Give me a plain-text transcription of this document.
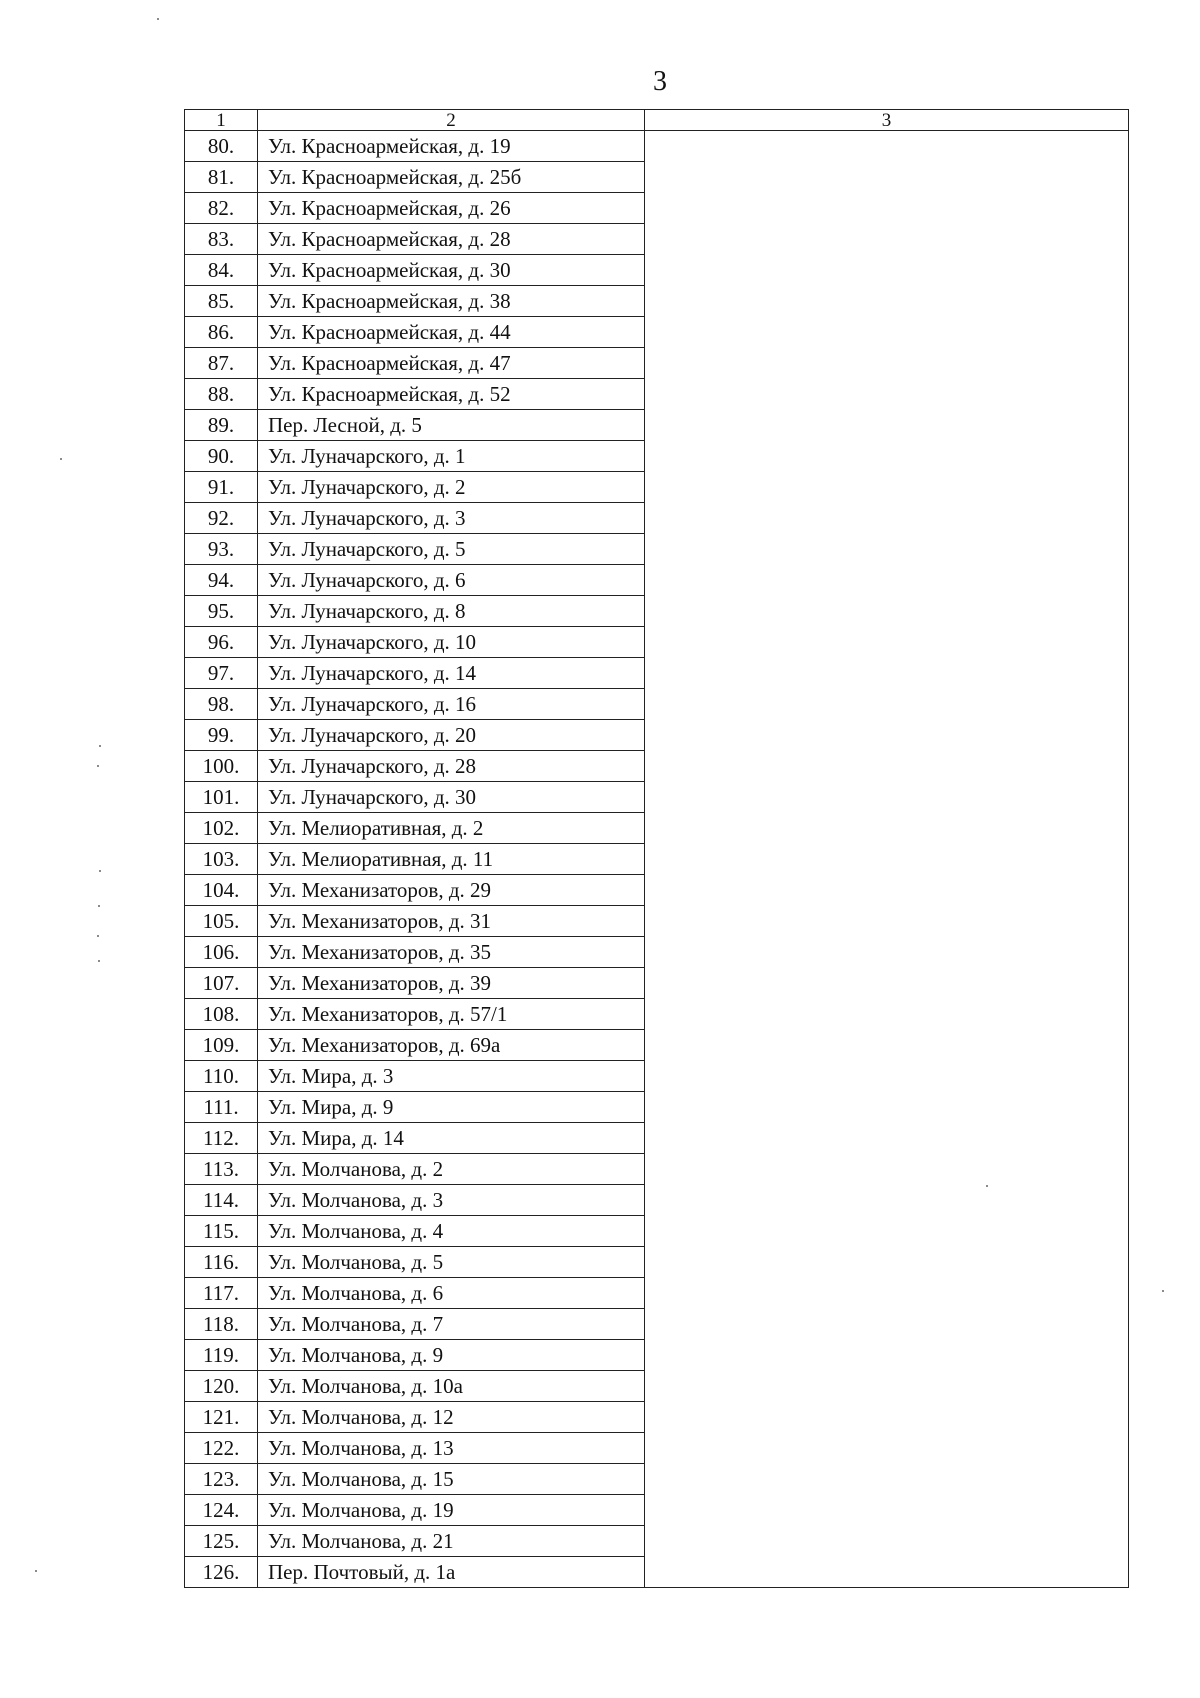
3
1	2	3
80.	Ул. Красноармейская, д. 19	
81.	Ул. Красноармейская, д. 25б	
82.	Ул. Красноармейская, д. 26	
83.	Ул. Красноармейская, д. 28	
84.	Ул. Красноармейская, д. 30	
85.	Ул. Красноармейская, д. 38	
86.	Ул. Красноармейская, д. 44	
87.	Ул. Красноармейская, д. 47	
88.	Ул. Красноармейская, д. 52	
89.	Пер. Лесной, д. 5	
90.	Ул. Луначарского, д. 1	
91.	Ул. Луначарского, д. 2	
92.	Ул. Луначарского, д. 3	
93.	Ул. Луначарского, д. 5	
94.	Ул. Луначарского, д. 6	
95.	Ул. Луначарского, д. 8	
96.	Ул. Луначарского, д. 10	
97.	Ул. Луначарского, д. 14	
98.	Ул. Луначарского, д. 16	
99.	Ул. Луначарского, д. 20	
100.	Ул. Луначарского, д. 28	
101.	Ул. Луначарского, д. 30	
102.	Ул. Мелиоративная, д. 2	
103.	Ул. Мелиоративная, д. 11	
104.	Ул. Механизаторов, д. 29	
105.	Ул. Механизаторов, д. 31	
106.	Ул. Механизаторов, д. 35	
107.	Ул. Механизаторов, д. 39	
108.	Ул. Механизаторов, д. 57/1	
109.	Ул. Механизаторов, д. 69а	
110.	Ул. Мира, д. 3	
111.	Ул. Мира, д. 9	
112.	Ул. Мира, д. 14	
113.	Ул. Молчанова, д. 2	
114.	Ул. Молчанова, д. 3	
115.	Ул. Молчанова, д. 4	
116.	Ул. Молчанова, д. 5	
117.	Ул. Молчанова, д. 6	
118.	Ул. Молчанова, д. 7	
119.	Ул. Молчанова, д. 9	
120.	Ул. Молчанова, д. 10а	
121.	Ул. Молчанова, д. 12	
122.	Ул. Молчанова, д. 13	
123.	Ул. Молчанова, д. 15	
124.	Ул. Молчанова, д. 19	
125.	Ул. Молчанова, д. 21	
126.	Пер. Почтовый, д. 1а	
